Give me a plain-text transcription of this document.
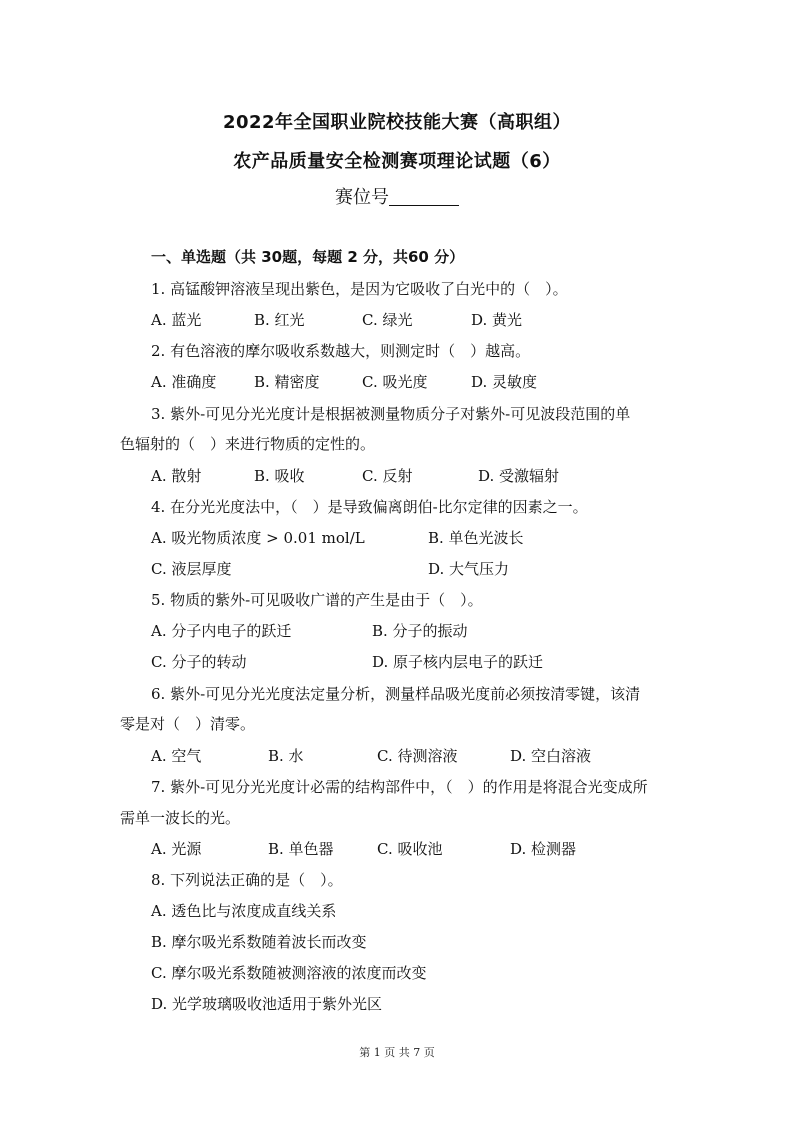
2022年全国职业院校技能大赛（高职组）
农产品质量安全检测赛项理论试题（6）
赛位号
一、单选题（共 30题，每题 2 分，共60 分）
1. 高锰酸钾溶液呈现出紫色，是因为它吸收了白光中的（　）。
A. 蓝光	B. 红光	C. 绿光	D. 黄光
2. 有色溶液的摩尔吸收系数越大，则测定时（　）越高。
A. 准确度	B. 精密度	C. 吸光度	D. 灵敏度
3. 紫外-可见分光光度计是根据被测量物质分子对紫外-可见波段范围的单
色辐射的（　）来进行物质的定性的。
A. 散射	B. 吸收	C. 反射	D. 受激辐射
4. 在分光光度法中，（　）是导致偏离朗伯-比尔定律的因素之一。
A. 吸光物质浓度 > 0.01 mol/L	B. 单色光波长
C. 液层厚度	D. 大气压力
5. 物质的紫外-可见吸收广谱的产生是由于（　）。
A. 分子内电子的跃迁	B. 分子的振动
C. 分子的转动	D. 原子核内层电子的跃迁
6. 紫外-可见分光光度法定量分析，测量样品吸光度前必须按清零键，该清
零是对（　）清零。
A. 空气	B. 水	C. 待测溶液	D. 空白溶液
7. 紫外-可见分光光度计必需的结构部件中，（　）的作用是将混合光变成所
需单一波长的光。
A. 光源	B. 单色器	C. 吸收池	D. 检测器
8. 下列说法正确的是（　）。
A. 透色比与浓度成直线关系
B. 摩尔吸光系数随着波长而改变
C. 摩尔吸光系数随被测溶液的浓度而改变
D. 光学玻璃吸收池适用于紫外光区
第 1 页 共 7 页
